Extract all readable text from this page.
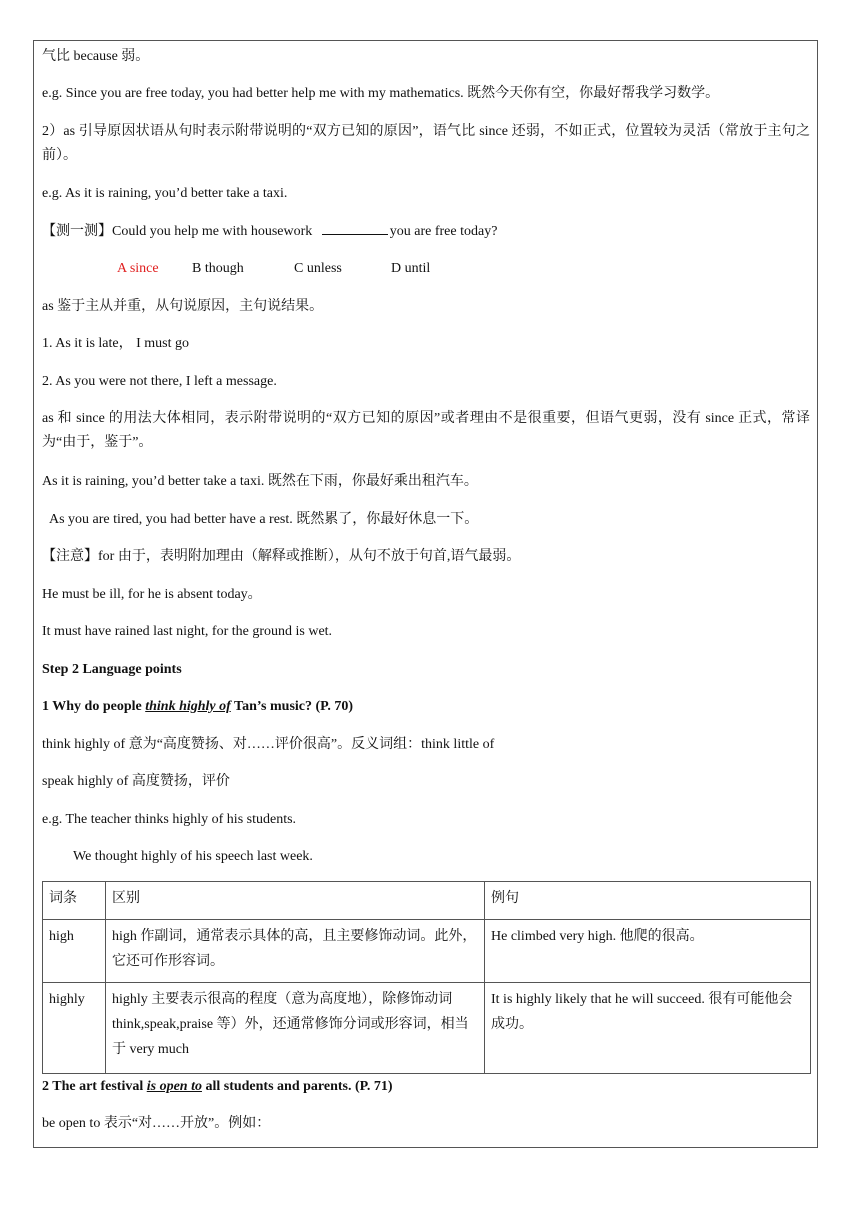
气比 because 弱。

e.g. Since you are free today, you had better help me with my mathematics. 既然今天你有空，你最好帮我学习数学。

2）as 引导原因状语从句时表示附带说明的“双方已知的原因”，语气比 since 还弱，不如正式，位置较为灵活（常放于主句之前）。

e.g. As it is raining, you’d better take a taxi.

【测一测】Could you help me with housework	you are free today?

A since B though	C unless	D until

as 鉴于主从并重，从句说原因，主句说结果。

1. As it is late， I must go

2. As you were not there, I left a message.

as 和 since 的用法大体相同，表示附带说明的“双方已知的原因”或者理由不是很重要，但语气更弱，没有 since 正式，常译为“由于，鉴于”。

As it is raining, you’d better take a taxi. 既然在下雨，你最好乘出租汽车。

As you are tired, you had better have a rest. 既然累了，你最好休息一下。

【注意】for 由于，表明附加理由（解释或推断），从句不放于句首,语气最弱。

He must be ill, for he is absent today。

It must have rained last night, for the ground is wet.

Step 2 Language points

1 Why do people think highly of Tan’s music? (P. 70)

think highly of 意为“高度赞扬、对……评价很高”。反义词组：think little of

speak highly of 高度赞扬，评价

e.g. The teacher thinks highly of his students.

We thought highly of his speech last week.

词条	区别	例句
high	high 作副词，通常表示具体的高，且主要修饰动词。此外，它还可作形容词。	He climbed very high. 他爬的很高。
highly	highly 主要表示很高的程度（意为高度地），除修饰动词 think,speak,praise 等）外，还通常修饰分词或形容词，相当于 very much	It is highly likely that he will succeed. 很有可能他会成功。

2 The art festival is open to all students and parents. (P. 71)

be open to 表示“对……开放”。例如：
